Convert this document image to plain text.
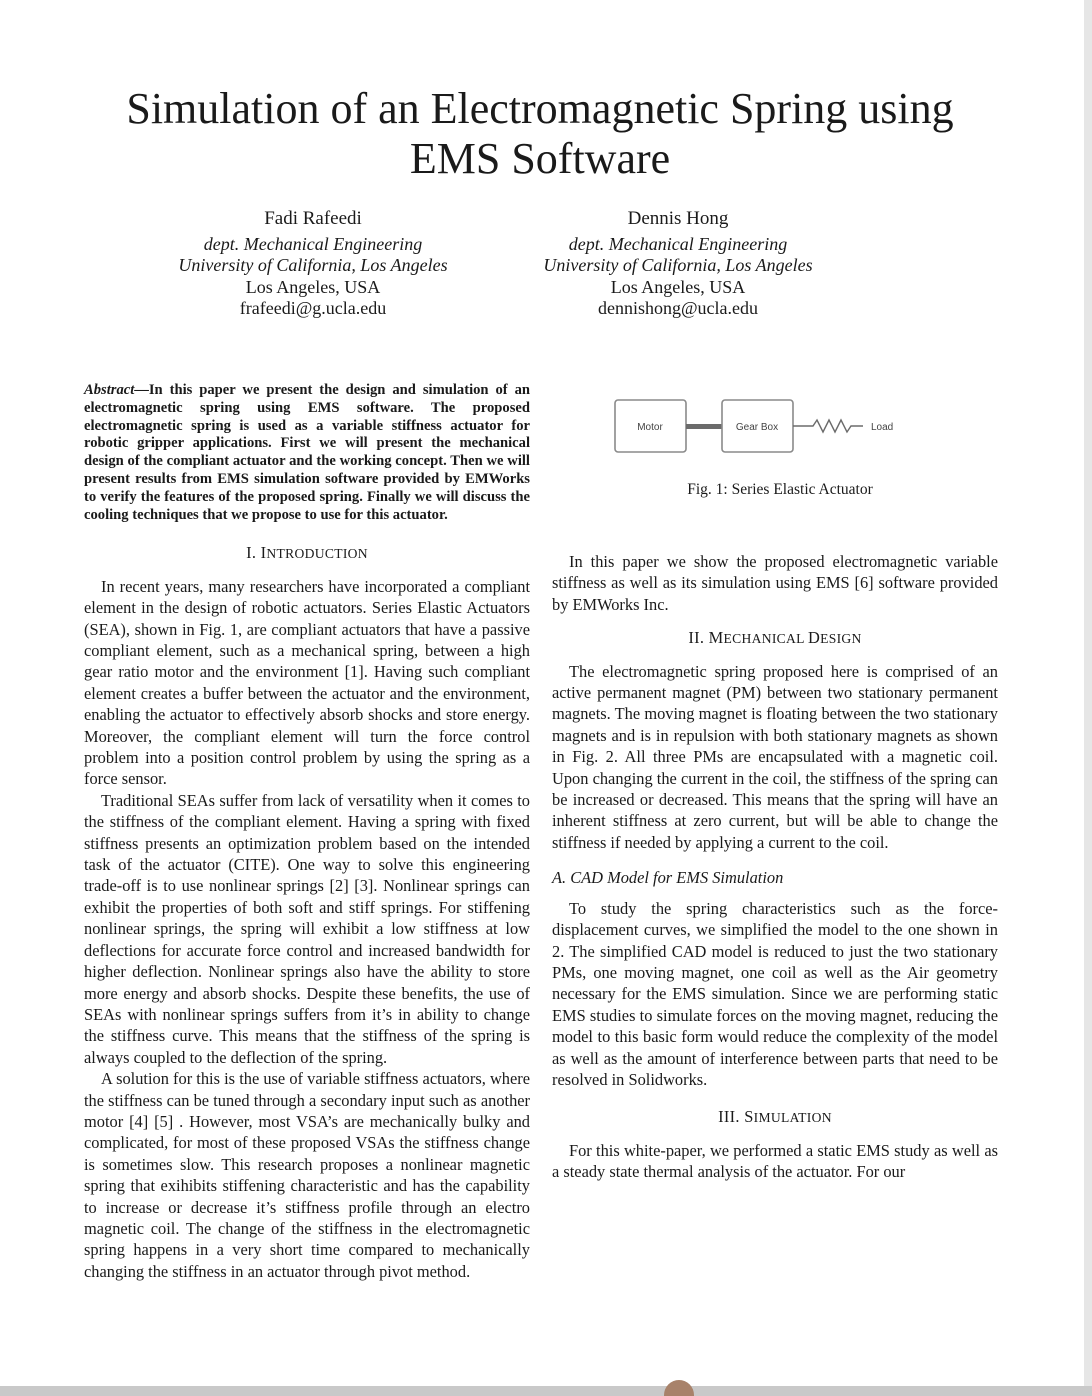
Simulation of an Electromagnetic Spring using
EMS Software
Fadi Rafeedi
dept. Mechanical Engineering
University of California, Los Angeles
Los Angeles, USA
frafeedi@g.ucla.edu
Dennis Hong
dept. Mechanical Engineering
University of California, Los Angeles
Los Angeles, USA
dennishong@ucla.edu
Abstract—In this paper we present the design and simulation of an electromagnetic spring using EMS software. The proposed electromagnetic spring is used as a variable stiffness actuator for robotic gripper applications. First we will present the mechanical design of the compliant actuator and the working concept. Then we will present results from EMS simulation software provided by EMWorks to verify the features of the proposed spring. Finally we will discuss the cooling techniques that we propose to use for this actuator.
I. INTRODUCTION

In recent years, many researchers have incorporated a compliant element in the design of robotic actuators. Series Elastic Actuators (SEA), shown in Fig. 1, are compliant actuators that have a passive compliant element, such as a mechanical spring, between a high gear ratio motor and the environment [1]. Having such compliant element creates a buffer between the actuator and the environment, enabling the actuator to effectively absorb shocks and store energy. Moreover, the compliant element will turn the force control problem into a position control problem by using the spring as a force sensor.

Traditional SEAs suffer from lack of versatility when it comes to the stiffness of the compliant element. Having a spring with fixed stiffness presents an optimization problem based on the intended task of the actuator (CITE). One way to solve this engineering trade-off is to use nonlinear springs [2] [3]. Nonlinear springs can exhibit the properties of both soft and stiff springs. For stiffening nonlinear springs, the spring will exhibit a low stiffness at low deflections for accurate force control and increased bandwidth for higher deflection. Nonlinear springs also have the ability to store more energy and absorb shocks. Despite these benefits, the use of SEAs with nonlinear springs suffers from it’s in ability to change the stiffness curve. This means that the stiffness of the spring is always coupled to the deflection of the spring.

A solution for this is the use of variable stiffness actuators, where the stiffness can be tuned through a secondary input such as another motor [4] [5] . However, most VSA’s are mechanically bulky and complicated, for most of these proposed VSAs the stiffness change is sometimes slow. This research proposes a nonlinear magnetic spring that exihibits stiffening characteristic and has the capability to increase or decrease it’s stiffness profile through an electro magnetic coil. The change of the stiffness in the electromagnetic spring happens in a very short time compared to mechanically changing the stiffness in an actuator through pivot method.

Motor	Gear Box	Load
Fig. 1: Series Elastic Actuator

In this paper we show the proposed electromagnetic variable stiffness as well as its simulation using EMS [6] software provided by EMWorks Inc.

II. MECHANICAL DESIGN

The electromagnetic spring proposed here is comprised of an active permanent magnet (PM) between two stationary permanent magnets. The moving magnet is floating between the two stationary magnets and is in repulsion with both stationary magnets as shown in Fig. 2. All three PMs are encapsulated with a magnetic coil. Upon changing the current in the coil, the stiffness of the spring can be increased or decreased. This means that the spring will have an inherent stiffness at zero current, but will be able to change the stiffness if needed by applying a current to the coil.

A. CAD Model for EMS Simulation

To study the spring characteristics such as the force-displacement curves, we simplified the model to the one shown in 2. The simplified CAD model is reduced to just the two stationary PMs, one moving magnet, one coil as well as the Air geometry necessary for the EMS simulation. Since we are performing static EMS studies to simulate forces on the moving magnet, reducing the model to this basic form would reduce the complexity of the model as well as the amount of interference between parts that need to be resolved in Solidworks.

III. SIMULATION

For this white-paper, we performed a static EMS study as well as a steady state thermal analysis of the actuator. For our
